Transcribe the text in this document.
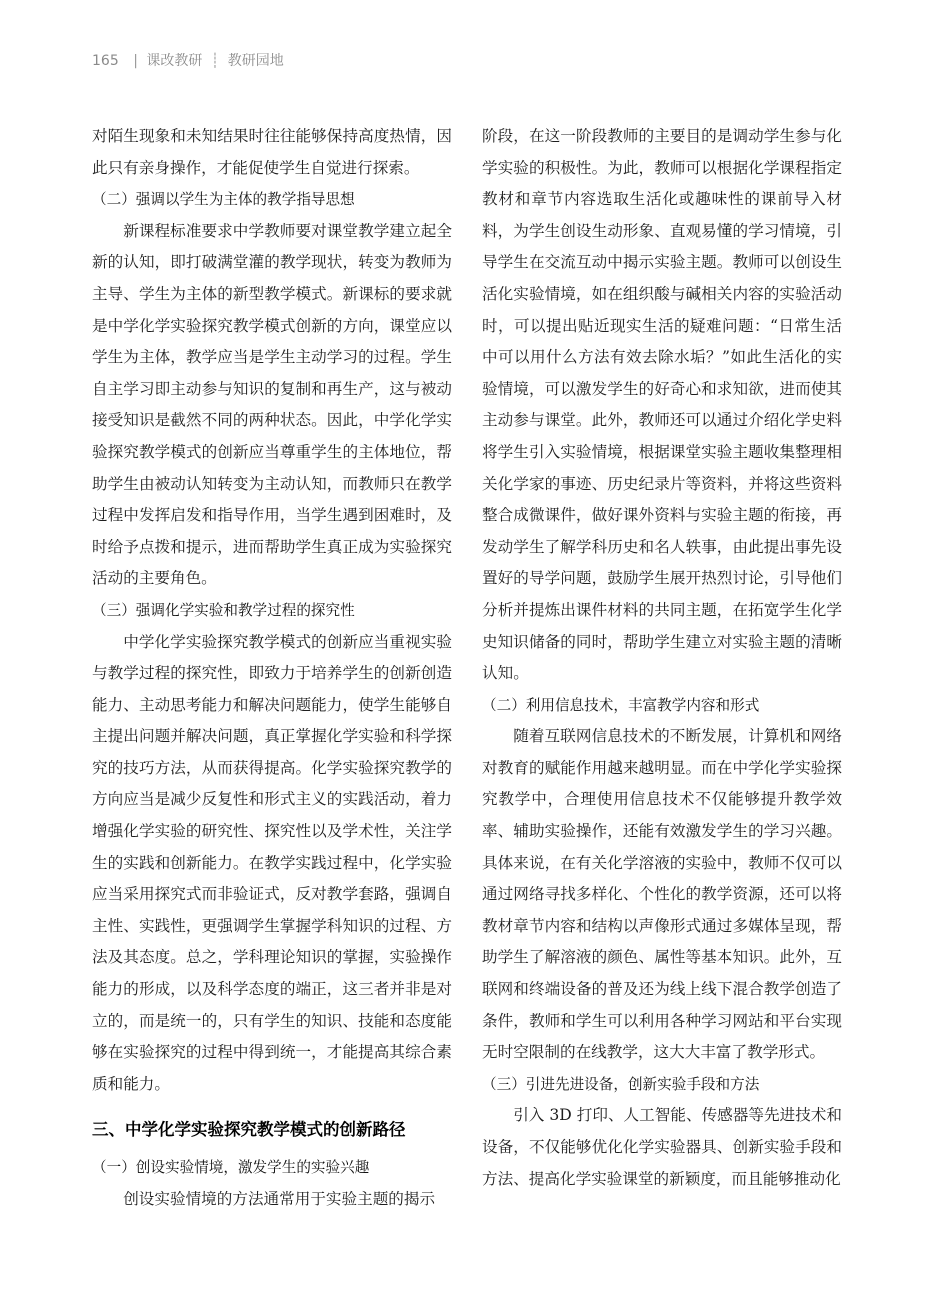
165 | 课改教研 ┊ 教研园地

对陌生现象和未知结果时往往能够保持高度热情，因此只有亲身操作，才能促使学生自觉进行探索。

（二）强调以学生为主体的教学指导思想

新课程标准要求中学教师要对课堂教学建立起全新的认知，即打破满堂灌的教学现状，转变为教师为主导、学生为主体的新型教学模式。新课标的要求就是中学化学实验探究教学模式创新的方向，课堂应以学生为主体，教学应当是学生主动学习的过程。学生自主学习即主动参与知识的复制和再生产，这与被动接受知识是截然不同的两种状态。因此，中学化学实验探究教学模式的创新应当尊重学生的主体地位，帮助学生由被动认知转变为主动认知，而教师只在教学过程中发挥启发和指导作用，当学生遇到困难时，及时给予点拨和提示，进而帮助学生真正成为实验探究活动的主要角色。

（三）强调化学实验和教学过程的探究性

中学化学实验探究教学模式的创新应当重视实验与教学过程的探究性，即致力于培养学生的创新创造能力、主动思考能力和解决问题能力，使学生能够自主提出问题并解决问题，真正掌握化学实验和科学探究的技巧方法，从而获得提高。化学实验探究教学的方向应当是减少反复性和形式主义的实践活动，着力增强化学实验的研究性、探究性以及学术性，关注学生的实践和创新能力。在教学实践过程中，化学实验应当采用探究式而非验证式，反对教学套路，强调自主性、实践性，更强调学生掌握学科知识的过程、方法及其态度。总之，学科理论知识的掌握，实验操作能力的形成，以及科学态度的端正，这三者并非是对立的，而是统一的，只有学生的知识、技能和态度能够在实验探究的过程中得到统一，才能提高其综合素质和能力。

三、中学化学实验探究教学模式的创新路径
（一）创设实验情境，激发学生的实验兴趣

创设实验情境的方法通常用于实验主题的揭示

阶段，在这一阶段教师的主要目的是调动学生参与化学实验的积极性。为此，教师可以根据化学课程指定教材和章节内容选取生活化或趣味性的课前导入材料，为学生创设生动形象、直观易懂的学习情境，引导学生在交流互动中揭示实验主题。教师可以创设生活化实验情境，如在组织酸与碱相关内容的实验活动时，可以提出贴近现实生活的疑难问题：“日常生活中可以用什么方法有效去除水垢？”如此生活化的实验情境，可以激发学生的好奇心和求知欲，进而使其主动参与课堂。此外，教师还可以通过介绍化学史料将学生引入实验情境，根据课堂实验主题收集整理相关化学家的事迹、历史纪录片等资料，并将这些资料整合成微课件，做好课外资料与实验主题的衔接，再发动学生了解学科历史和名人轶事，由此提出事先设置好的导学问题，鼓励学生展开热烈讨论，引导他们分析并提炼出课件材料的共同主题，在拓宽学生化学史知识储备的同时，帮助学生建立对实验主题的清晰认知。

（二）利用信息技术，丰富教学内容和形式

随着互联网信息技术的不断发展，计算机和网络对教育的赋能作用越来越明显。而在中学化学实验探究教学中，合理使用信息技术不仅能够提升教学效率、辅助实验操作，还能有效激发学生的学习兴趣。具体来说，在有关化学溶液的实验中，教师不仅可以通过网络寻找多样化、个性化的教学资源，还可以将教材章节内容和结构以声像形式通过多媒体呈现，帮助学生了解溶液的颜色、属性等基本知识。此外，互联网和终端设备的普及还为线上线下混合教学创造了条件，教师和学生可以利用各种学习网站和平台实现无时空限制的在线教学，这大大丰富了教学形式。

（三）引进先进设备，创新实验手段和方法

引入 3D 打印、人工智能、传感器等先进技术和设备，不仅能够优化化学实验器具、创新实验手段和方法、提高化学实验课堂的新颖度，而且能够推动化
